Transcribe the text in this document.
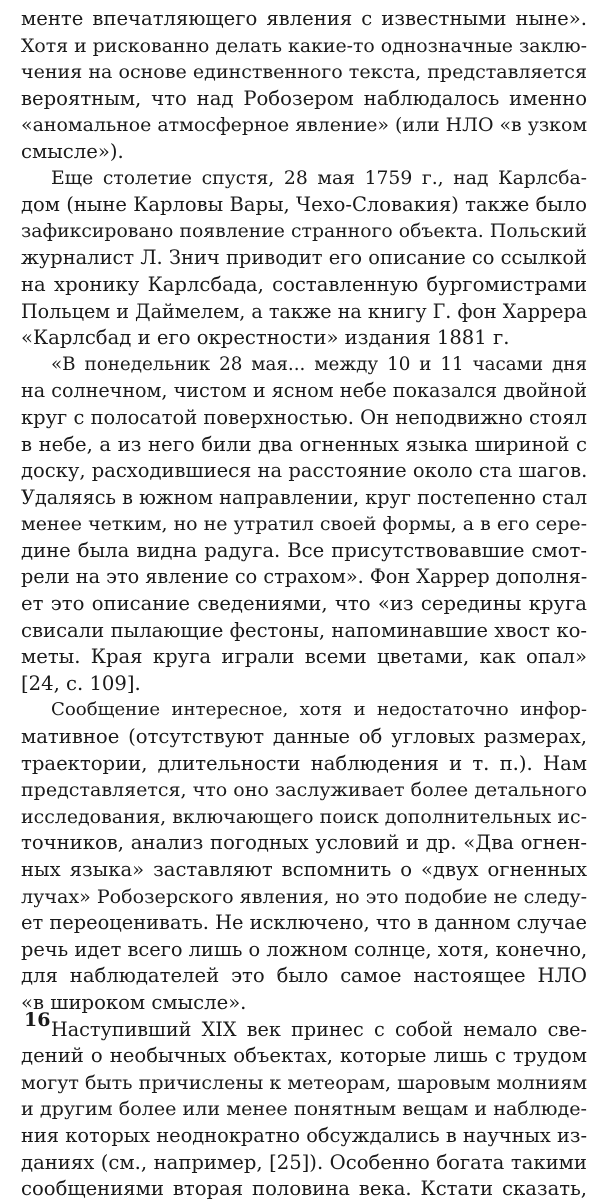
менте впечатляющего явления с известными ныне».
Хотя и рискованно делать какие-то однозначные заклю-
чения на основе единственного текста, представляется
вероятным, что над Робозером наблюдалось именно
«аномальное атмосферное явление» (или НЛО «в узком
смысле»).
Еще столетие спустя, 28 мая 1759 г., над Карлсба-
дом (ныне Карловы Вары, Чехо-Словакия) также было
зафиксировано появление странного объекта. Польский
журналист Л. Знич приводит его описание со ссылкой
на хронику Карлсбада, составленную бургомистрами
Польцем и Даймелем, а также на книгу Г. фон Харрера
«Карлсбад и его окрестности» издания 1881 г.
«В понедельник 28 мая... между 10 и 11 часами дня
на солнечном, чистом и ясном небе показался двойной
круг с полосатой поверхностью. Он неподвижно стоял
в небе, а из него били два огненных языка шириной с
доску, расходившиеся на расстояние около ста шагов.
Удаляясь в южном направлении, круг постепенно стал
менее четким, но не утратил своей формы, а в его сере-
дине была видна радуга. Все присутствовавшие смот-
рели на это явление со страхом». Фон Харрер дополня-
ет это описание сведениями, что «из середины круга
свисали пылающие фестоны, напоминавшие хвост ко-
меты. Края круга играли всеми цветами, как опал»
[24, с. 109].
Сообщение интересное, хотя и недостаточно инфор-
мативное (отсутствуют данные об угловых размерах,
траектории, длительности наблюдения и т. п.). Нам
представляется, что оно заслуживает более детального
исследования, включающего поиск дополнительных ис-
точников, анализ погодных условий и др. «Два огнен-
ных языка» заставляют вспомнить о «двух огненных
лучах» Робозерского явления, но это подобие не следу-
ет переоценивать. Не исключено, что в данном случае
речь идет всего лишь о ложном солнце, хотя, конечно,
для наблюдателей это было самое настоящее НЛО
«в широком смысле».
Наступивший XIX век принес с собой немало све-
дений о необычных объектах, которые лишь с трудом
могут быть причислены к метеорам, шаровым молниям
и другим более или менее понятным вещам и наблюде-
ния которых неоднократно обсуждались в научных из-
даниях (см., например, [25]). Особенно богата такими
сообщениями вторая половина века. Кстати сказать,
16
